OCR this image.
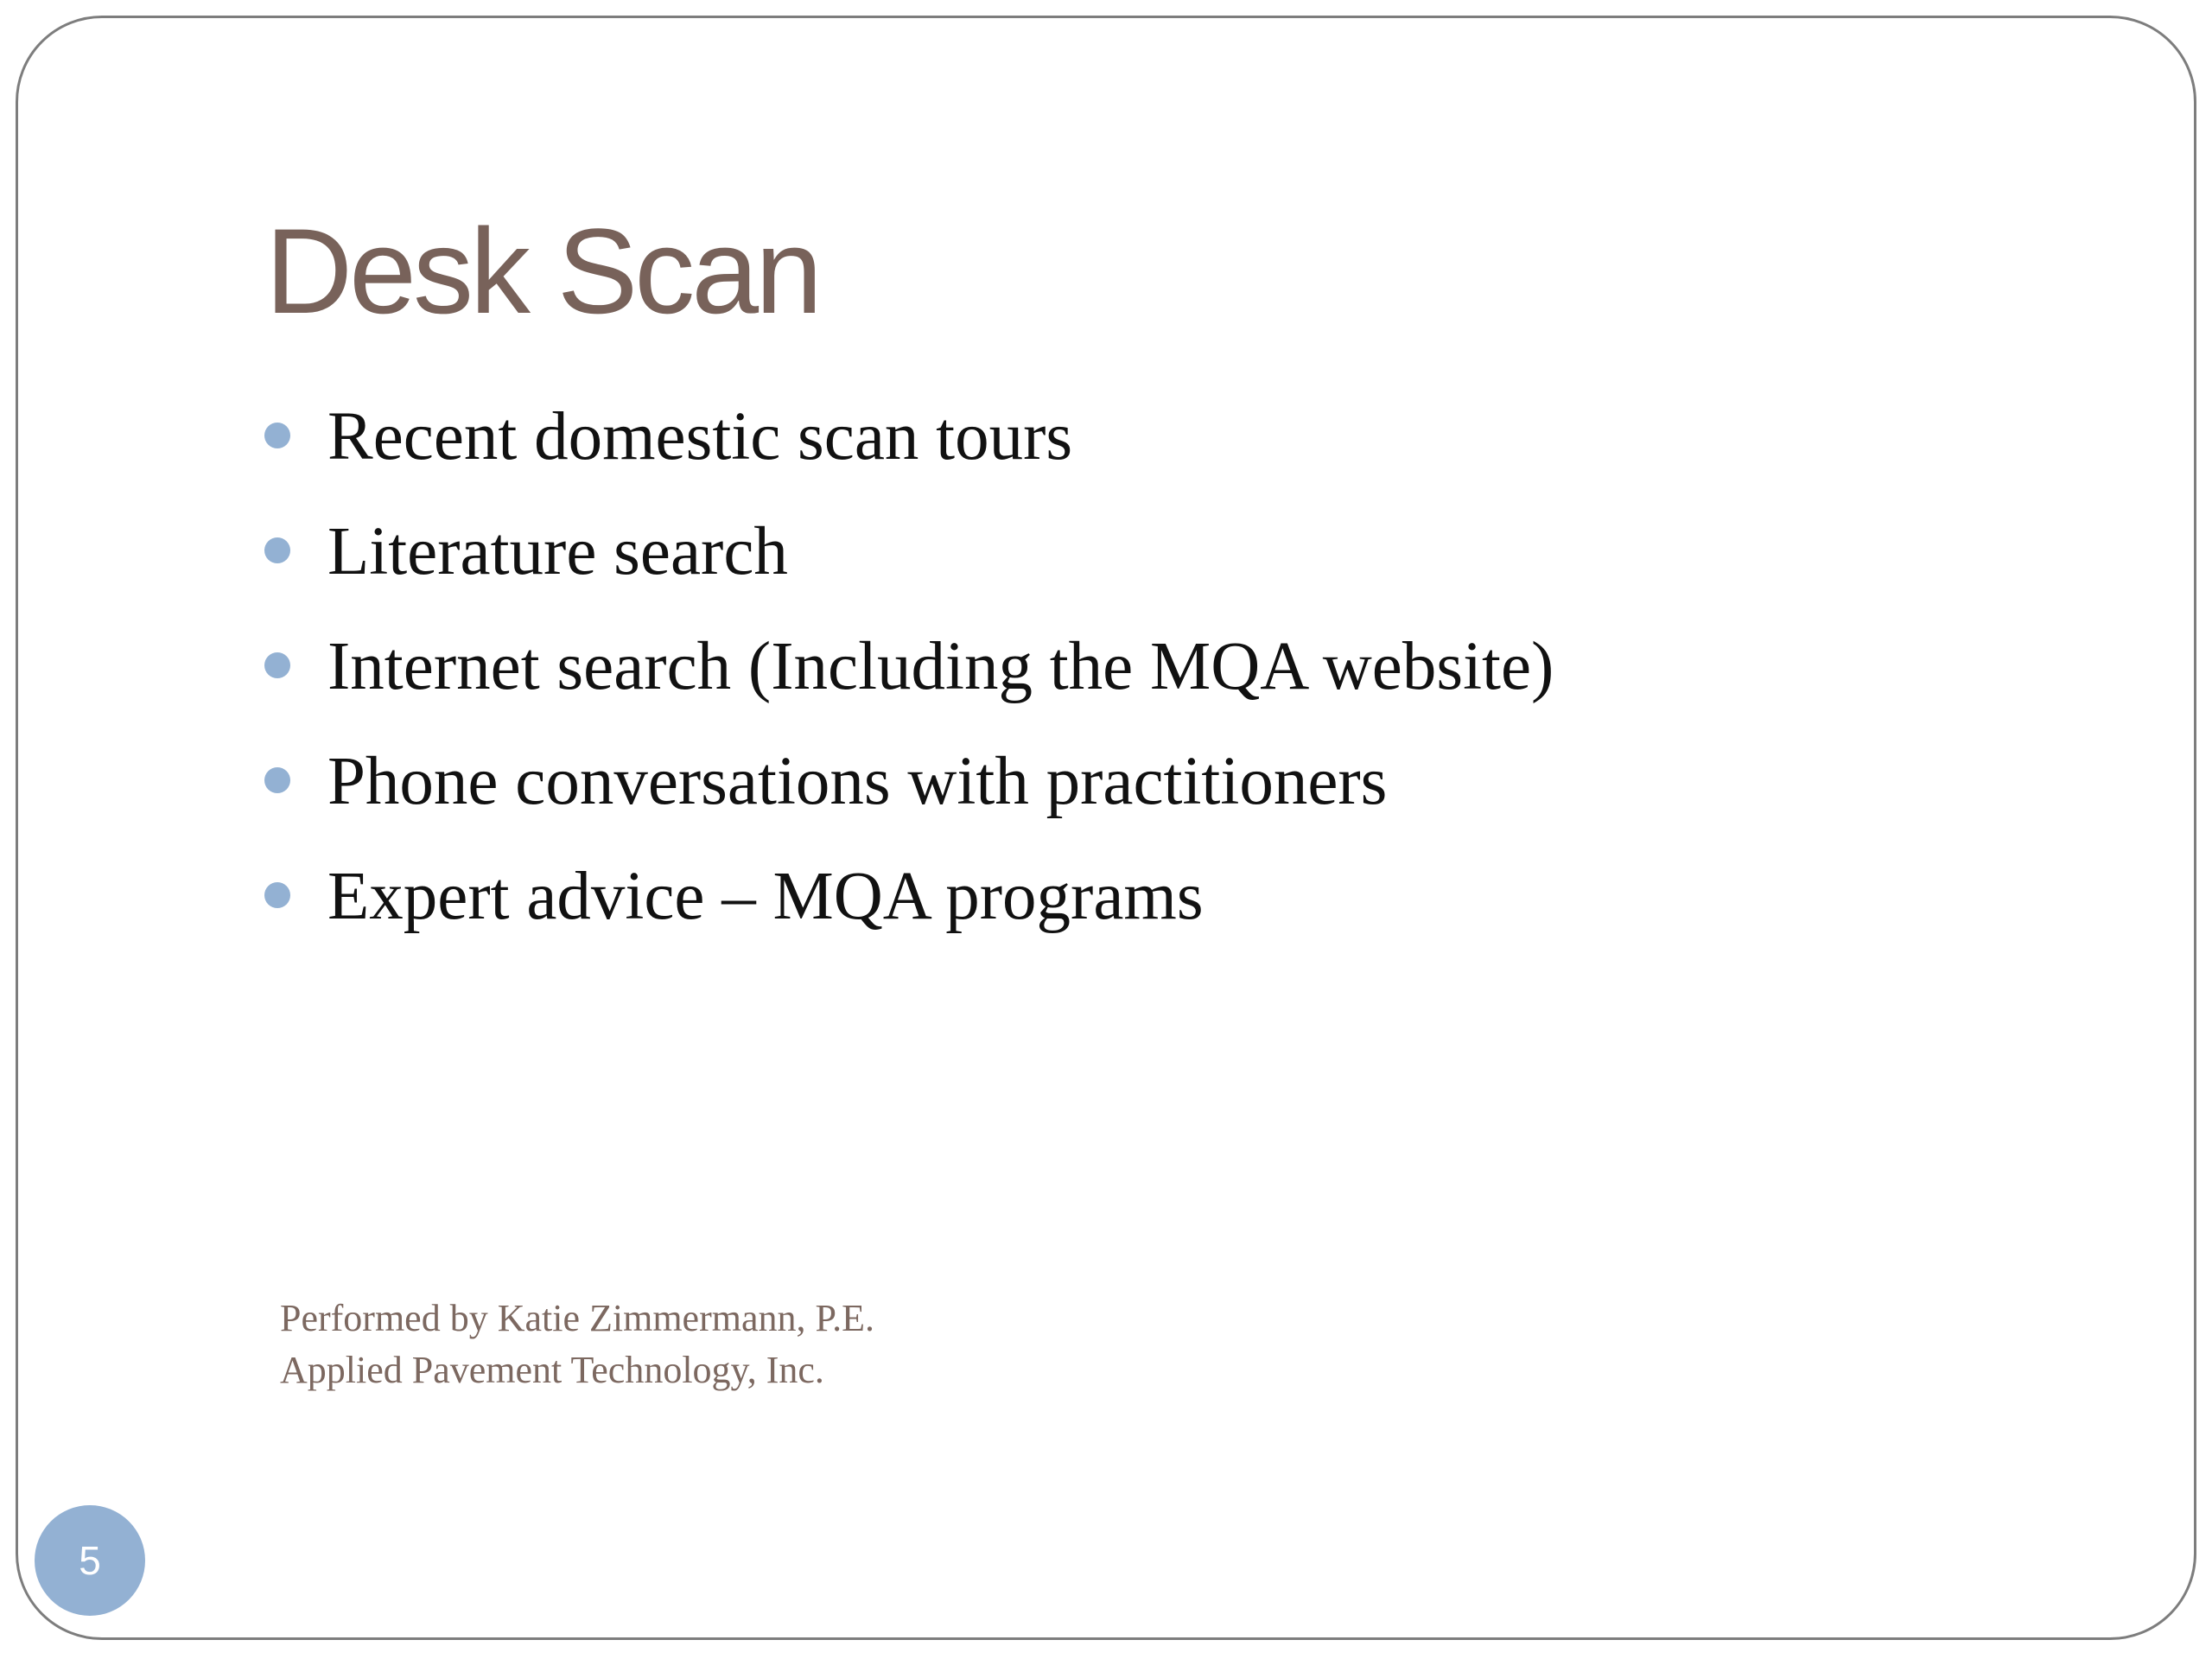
Desk Scan
Recent domestic scan tours
Literature search
Internet search (Including the MQA website)
Phone conversations with practitioners
Expert advice – MQA programs
Performed by Katie Zimmermann, P.E.
Applied Pavement Technology, Inc.
5
